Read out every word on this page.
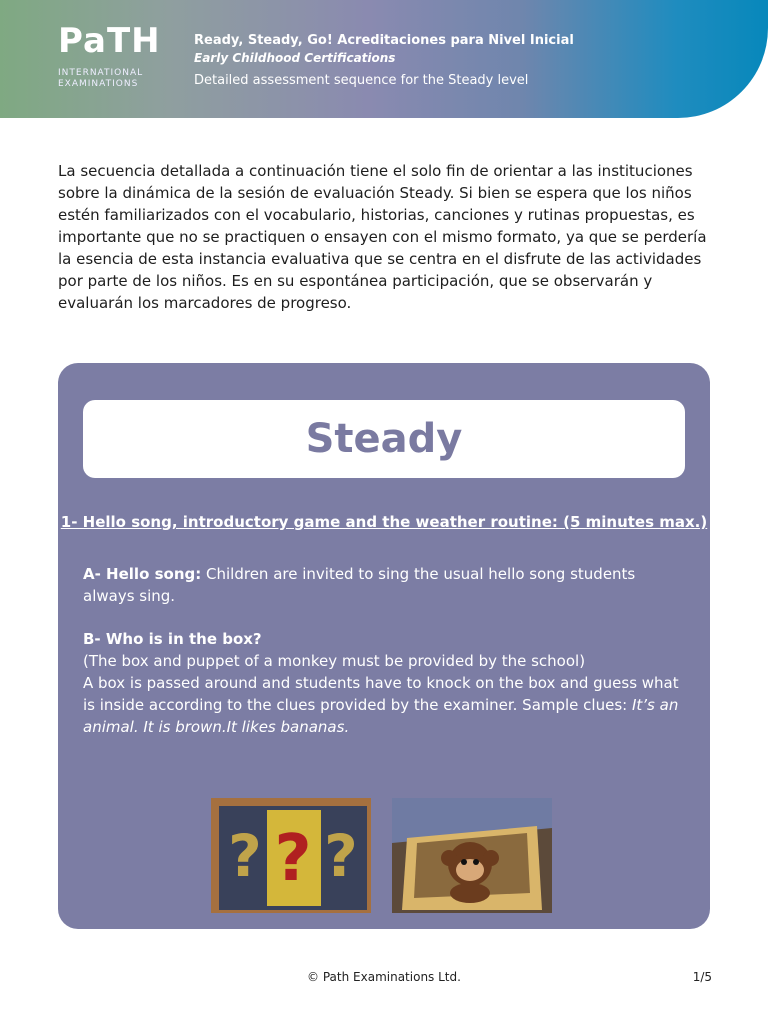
PaTH
INTERNATIONAL
EXAMINATIONS
Ready, Steady, Go! Acreditaciones para Nivel Inicial
Early Childhood Certifications
Detailed assessment sequence for the Steady level
La secuencia detallada a continuación tiene el solo fin de orientar a las instituciones sobre la dinámica de la sesión de evaluación Steady. Si bien se espera que los niños estén familiarizados con el vocabulario, historias, canciones y rutinas propuestas, es importante que no se practiquen o ensayen con el mismo formato, ya que se perdería la esencia de esta instancia evaluativa que se centra en el disfrute de las actividades por parte de los niños. Es en su espontánea participación, que se observarán y evaluarán los marcadores de progreso.
Steady
1- Hello song, introductory game and the weather routine: (5 minutes max.)
A- Hello song: Children are invited to sing the usual hello song students always sing.
B- Who is in the box?
(The box and puppet of a monkey must be provided by the school)
A box is passed around and students have to knock on the box and guess what is inside according to the clues provided by the examiner. Sample clues: It’s an animal. It is brown.It likes bananas.
? ? ?
© Path Examinations Ltd.	1/5
